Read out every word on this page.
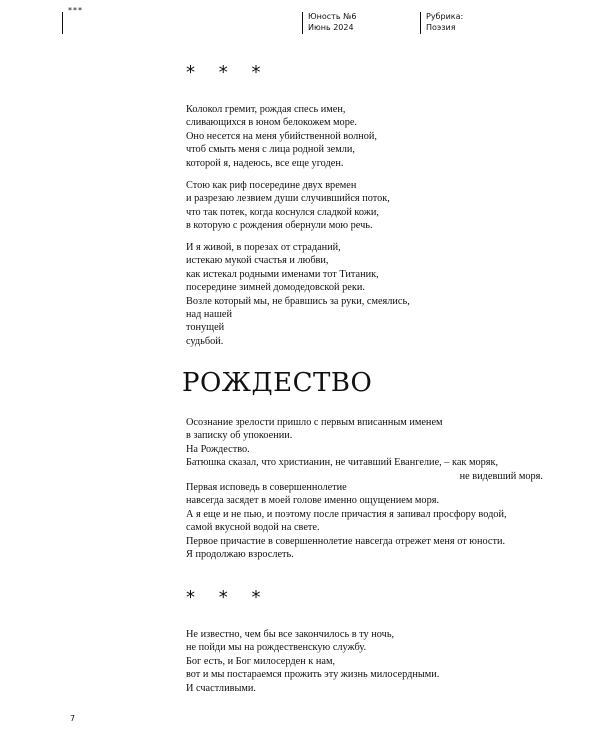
***
Юность №6
Июнь 2024
Рубрика:
Поэзия
* * *
Колокол гремит, рождая спесь имен,
сливающихся в юном белокожем море.
Оно несется на меня убийственной волной,
чтоб смыть меня с лица родной земли,
которой я, надеюсь, все еще угоден.
Стою как риф посередине двух времен
и разрезаю лезвием души случившийся поток,
что так потек, когда коснулся сладкой кожи,
в которую с рождения обернули мою речь.
И я живой, в порезах от страданий,
истекаю мукой счастья и любви,
как истекал родными именами тот Титаник,
посередине зимней домодедовской реки.
Возле который мы, не бравшись за руки, смеялись,
над нашей
тонущей
судьбой.
РОЖДЕСТВО
Осознание зрелости пришло с первым вписанным именем
в записку об упокоении.
На Рождество.
Батюшка сказал, что христианин, не читавший Евангелие, – как моряк,
не видевший моря.
Первая исповедь в совершеннолетие
навсегда засядет в моей голове именно ощущением моря.
А я еще и не пью, и поэтому после причастия я запивал просфору водой,
самой вкусной водой на свете.
Первое причастие в совершеннолетие навсегда отрежет меня от юности.
Я продолжаю взрослеть.
* * *
Не известно, чем бы все закончилось в ту ночь,
не пойди мы на рождественскую службу.
Бог есть, и Бог милосерден к нам,
вот и мы постараемся прожить эту жизнь милосердными.
И счастливыми.
7
